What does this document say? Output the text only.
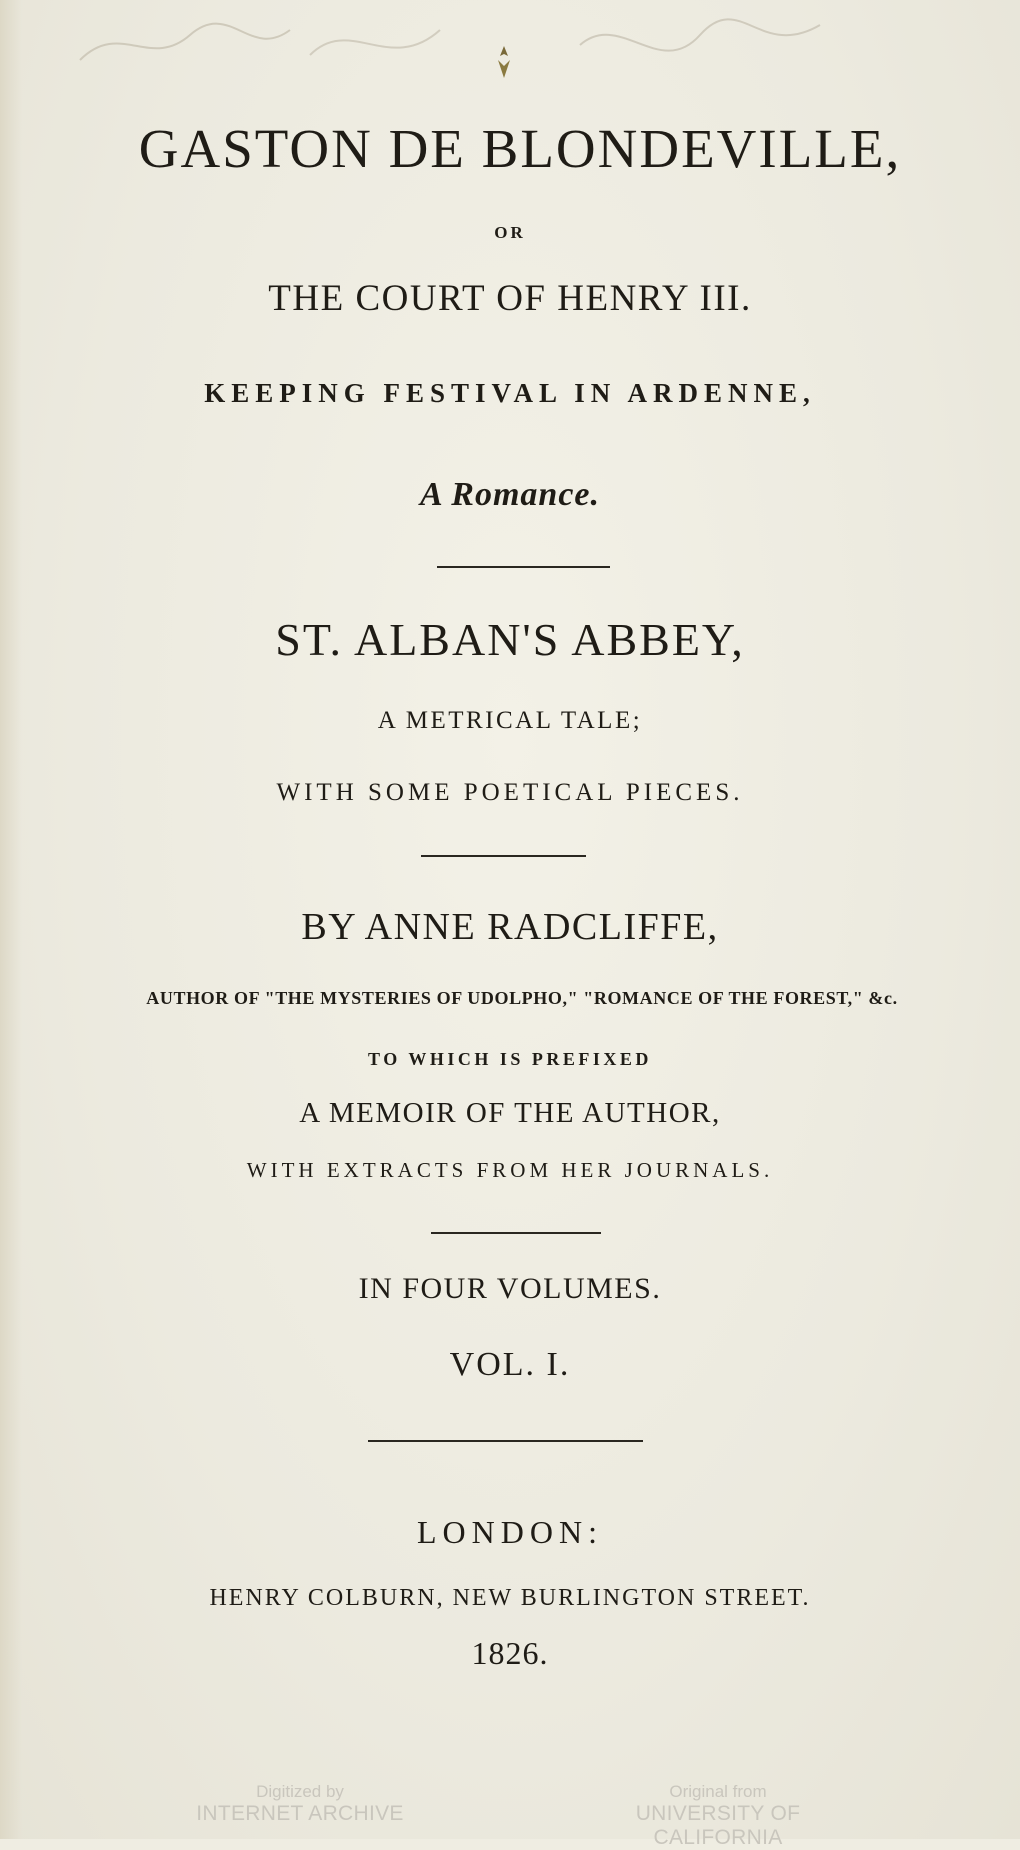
GASTON DE BLONDEVILLE,
OR
THE COURT OF HENRY III.
KEEPING FESTIVAL IN ARDENNE,
A Romance.
ST. ALBAN'S ABBEY,
A METRICAL TALE;
WITH SOME POETICAL PIECES.
BY ANNE RADCLIFFE,
AUTHOR OF "THE MYSTERIES OF UDOLPHO," "ROMANCE OF THE FOREST," &c.
TO WHICH IS PREFIXED
A MEMOIR OF THE AUTHOR,
WITH EXTRACTS FROM HER JOURNALS.
IN FOUR VOLUMES.
VOL. I.
LONDON:
HENRY COLBURN, NEW BURLINGTON STREET.
1826.
Digitized by
INTERNET ARCHIVE
Original from
UNIVERSITY OF CALIFORNIA
